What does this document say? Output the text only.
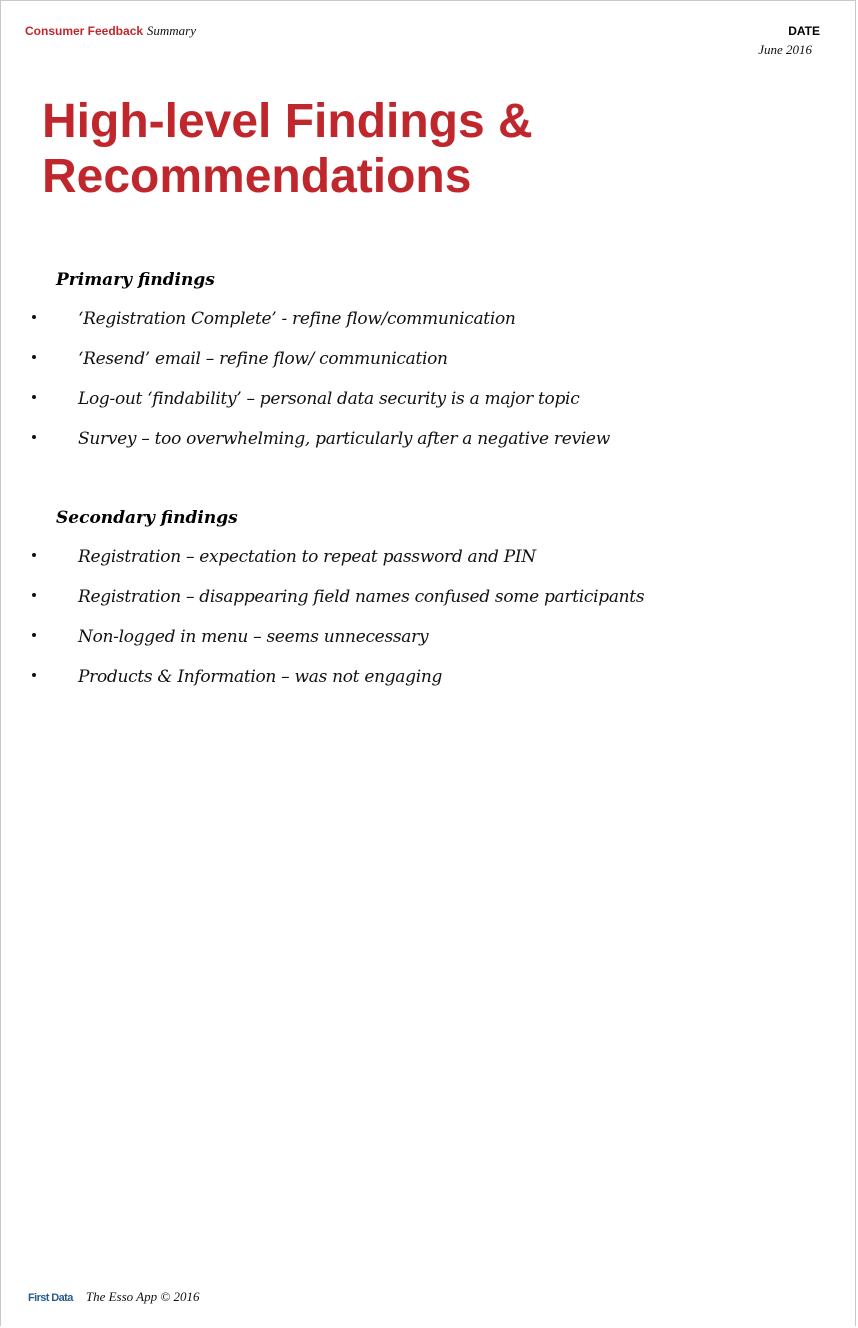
Consumer Feedback Summary	DATE
June 2016
High-level Findings &
Recommendations
Primary findings
‘Registration Complete’ - refine flow/communication
‘Resend’ email – refine flow/ communication
Log-out ‘findability’ – personal data security is a major topic
Survey – too overwhelming, particularly after a negative review
Secondary findings
Registration – expectation to repeat password and PIN
Registration – disappearing field names confused some participants
Non-logged in menu – seems unnecessary
Products & Information – was not engaging
First Data The Esso App © 2016
